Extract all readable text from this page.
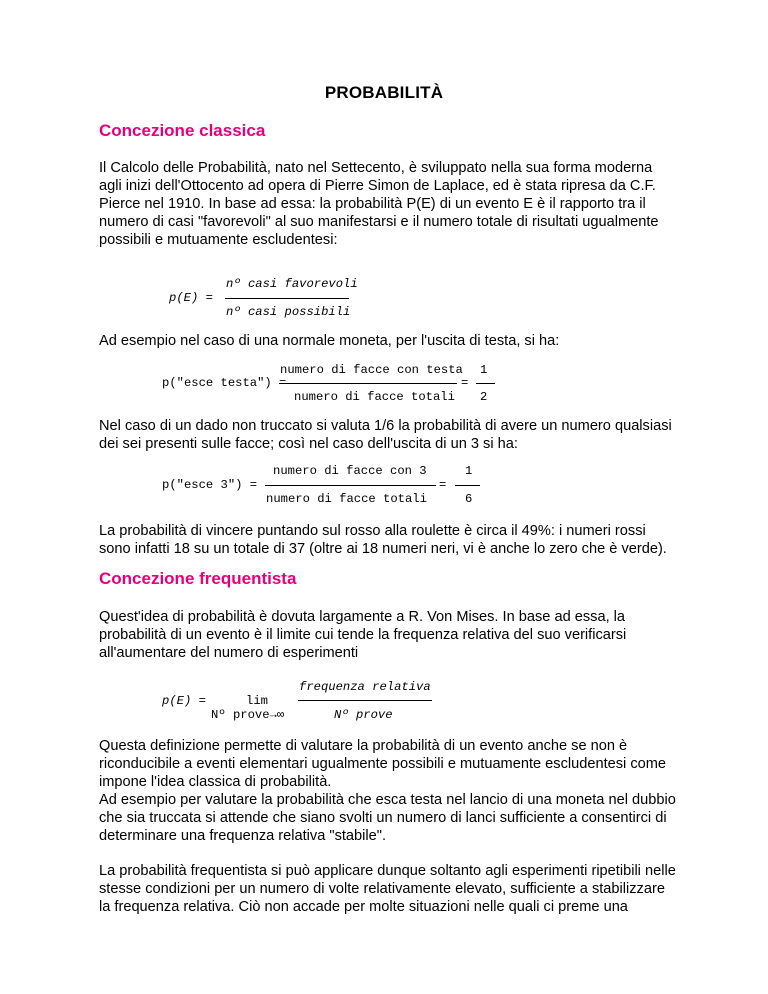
PROBABILITÀ
Concezione classica
Il Calcolo delle Probabilità, nato nel Settecento, è sviluppato nella sua forma moderna agli inizi dell'Ottocento ad opera di Pierre Simon de Laplace, ed è stata ripresa da C.F. Pierce nel 1910. In base ad essa: la probabilità P(E) di un evento E è il rapporto tra il numero di casi "favorevoli" al suo manifestarsi e il numero totale di risultati ugualmente possibili e mutuamente escludentesi:
nº casi favorevoli
p(E) =
nº casi possibili
Ad esempio nel caso di una normale moneta, per l'uscita di testa, si ha:
numero di facce con testa 1
p("esce testa") =	=
numero di facce totali 2
Nel caso di un dado non truccato si valuta 1/6 la probabilità di avere un numero qualsiasi dei sei presenti sulle facce; così nel caso dell'uscita di un 3 si ha:
numero di facce con 3	1
p("esce 3") =	=
numero di facce totali	6
La probabilità di vincere puntando sul rosso alla roulette è circa il 49%: i numeri rossi sono infatti 18 su un totale di 37 (oltre ai 18 numeri neri, vi è anche lo zero che è verde).
Concezione frequentista
Quest'idea di probabilità è dovuta largamente a R. Von Mises. In base ad essa, la probabilità di un evento è il limite cui tende la frequenza relativa del suo verificarsi all'aumentare del numero di esperimenti
frequenza relativa
p(E) =	lim
Nº prove→∞	Nº prove
Questa definizione permette di valutare la probabilità di un evento anche se non è riconducibile a eventi elementari ugualmente possibili e mutuamente escludentesi come impone l'idea classica di probabilità.
Ad esempio per valutare la probabilità che esca testa nel lancio di una moneta nel dubbio che sia truccata si attende che siano svolti un numero di lanci sufficiente a consentirci di determinare una frequenza relativa "stabile".
La probabilità frequentista si può applicare dunque soltanto agli esperimenti ripetibili nelle stesse condizioni per un numero di volte relativamente elevato, sufficiente a stabilizzare la frequenza relativa. Ciò non accade per molte situazioni nelle quali ci preme una
